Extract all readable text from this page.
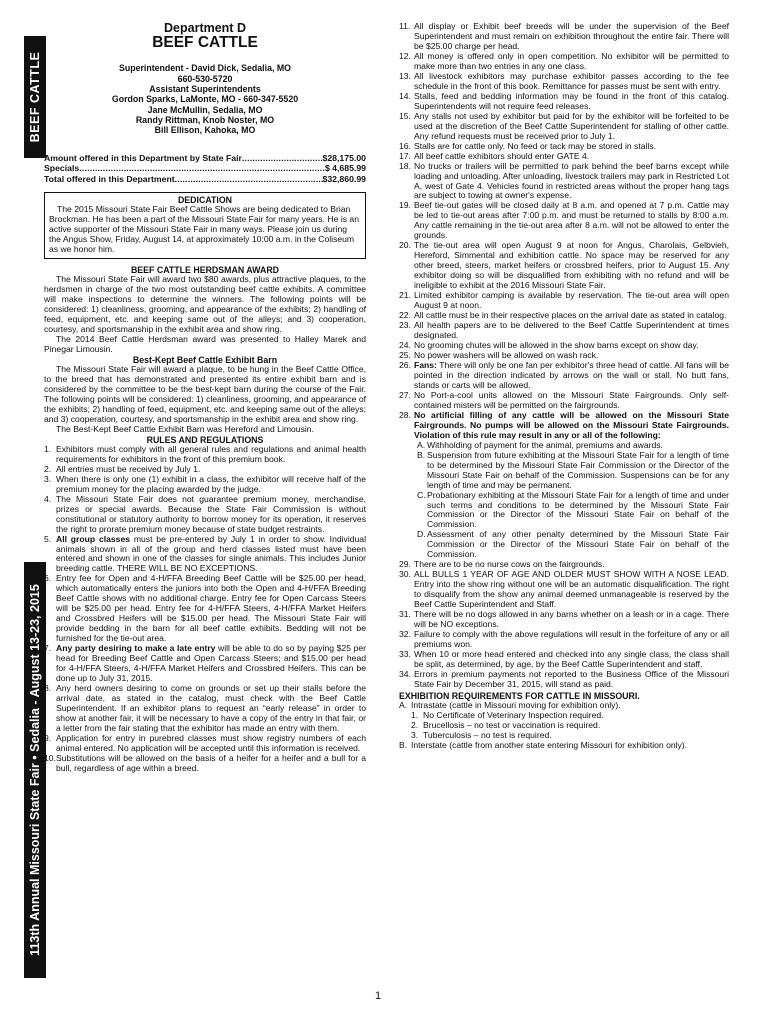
BEEF CATTLE
113th Annual Missouri State Fair • Sedalia - August 13-23, 2015
Department D
BEEF CATTLE
Superintendent - David Dick, Sedalia, MO
660-530-5720
Assistant Superintendents
Gordon Sparks, LaMonte, MO - 660-347-5520
Jane McMullin, Sedalia, MO
Randy Rittman, Knob Noster, MO
Bill Ellison, Kahoka, MO
Amount offered in this Department by State Fair .....	$28,175.00
Specials .....	$ 4,685.99
Total offered in this Department .....	$32,860.99
DEDICATION

The 2015 Missouri State Fair Beef Cattle Shows are being dedicated to Brian Brockman. He has been a part of the Missouri State Fair for many years. He is an active supporter of the Missouri State Fair in many ways. Please join us during the Angus Show, Friday, August 14, at approximately 10:00 a.m. in the Coliseum as we honor him.

BEEF CATTLE HERDSMAN AWARD

The Missouri State Fair will award two $80 awards, plus attractive plaques, to the herdsmen in charge of the two most outstanding beef cattle exhibits. A committee will make inspections to determine the winners. The following points will be considered: 1) cleanliness, grooming, and appearance of the exhibits; 2) handling of feed, equipment, etc. and keeping same out of the alleys; and 3) cooperation, courtesy, and sportsmanship in the exhibit area and show ring.

The 2014 Beef Cattle Herdsman award was presented to Halley Marek and Pinegar Limousin.

Best-Kept Beef Cattle Exhibit Barn

The Missouri State Fair will award a plaque, to be hung in the Beef Cattle Office, to the breed that has demonstrated and presented its entire exhibit barn and is considered by the committee to be the best-kept barn during the course of the Fair. The following points will be considered: 1) cleanliness, grooming, and appearance of the exhibits; 2) handling of feed, equipment, etc. and keeping same out of the alleys; and 3) cooperation, courtesy, and sportsmanship in the exhibit area and show ring.

The Best-Kept Beef Cattle Exhibit Barn was Hereford and Limousin.

RULES AND REGULATIONS
1. Exhibitors must comply with all general rules and regulations and animal health requirements for exhibitors in the front of this premium book.
2. All entries must be received by July 1.
3. When there is only one (1) exhibit in a class, the exhibitor will receive half of the premium money for the placing awarded by the judge.
4. The Missouri State Fair does not guarantee premium money, merchandise, prizes or special awards. Because the State Fair Commission is without constitutional or statutory authority to borrow money for its operation, it reserves the right to prorate premium money because of state budget restraints.
5. All group classes must be pre-entered by July 1 in order to show. Individual animals shown in all of the group and herd classes listed must have been entered and shown in one of the classes for single animals. This includes Junior breeding cattle. THERE WILL BE NO EXCEPTIONS.
6. Entry fee for Open and 4-H/FFA Breeding Beef Cattle will be $25.00 per head, which automatically enters the juniors into both the Open and 4-H/FFA Breeding Beef Cattle shows with no additional charge. Entry fee for Open Carcass Steers will be $25.00 per head. Entry fee for 4-H/FFA Steers, 4-H/FFA Market Heifers and Crossbred Heifers will be $15.00 per head. The Missouri State Fair will provide bedding in the barn for all beef cattle exhibits. Bedding will not be furnished for the tie-out area.
7. Any party desiring to make a late entry will be able to do so by paying $25 per head for Breeding Beef Cattle and Open Carcass Steers; and $15.00 per head for 4-H/FFA Steers, 4-H/FFA Market Heifers and Crossbred Heifers. This can be done up to July 31, 2015.
8. Any herd owners desiring to come on grounds or set up their stalls before the arrival date, as stated in the catalog, must check with the Beef Cattle Superintendent. If an exhibitor plans to request an “early release” in order to show at another fair, it will be necessary to have a copy of the entry in that fair, or a letter from the fair stating that the exhibitor has made an entry with them.
9. Application for entry in purebred classes must show registry numbers of each animal entered. No application will be accepted until this information is received.
10. Substitutions will be allowed on the basis of a heifer for a heifer and a bull for a bull, regardless of age within a breed.
11. All display or Exhibit beef breeds will be under the supervision of the Beef Superintendent and must remain on exhibition throughout the entire fair. There will be $25.00 charge per head.
12. All money is offered only in open competition. No exhibitor will be permitted to make more than two entries in any one class.
13. All livestock exhibitors may purchase exhibitor passes according to the fee schedule in the front of this book. Remittance for passes must be sent with entry.
14. Stalls, feed and bedding information may be found in the front of this catalog. Superintendents will not require feed releases.
15. Any stalls not used by exhibitor but paid for by the exhibitor will be forfeited to be used at the discretion of the Beef Cattle Superintendent for stalling of other cattle. Any refund requests must be received prior to July 1.
16. Stalls are for cattle only. No feed or tack may be stored in stalls.
17. All beef cattle exhibitors should enter GATE 4.
18. No trucks or trailers will be permitted to park behind the beef barns except while loading and unloading. After unloading, livestock trailers may park in Restricted Lot A, west of Gate 4. Vehicles found in restricted areas without the proper hang tags are subject to towing at owner's expense.
19. Beef tie-out gates will be closed daily at 8 a.m. and opened at 7 p.m. Cattle may be led to tie-out areas after 7:00 p.m. and must be returned to stalls by 8:00 a.m. Any cattle remaining in the tie-out area after 8 a.m. will not be allowed to enter the grounds.
20. The tie-out area will open August 9 at noon for Angus, Charolais, Gelbvieh, Hereford, Simmental and exhibition cattle. No space may be reserved for any other breed, steers, market heifers or crossbred heifers, prior to August 15. Any exhibitor doing so will be disqualified from exhibiting with no refund and will be ineligible to exhibit at the 2016 Missouri State Fair.
21. Limited exhibitor camping is available by reservation. The tie-out area will open August 9 at noon.
22. All cattle must be in their respective places on the arrival date as stated in catalog.
23. All health papers are to be delivered to the Beef Cattle Superintendent at times designated.
24. No grooming chutes will be allowed in the show barns except on show day.
25. No power washers will be allowed on wash rack.
26. Fans: There will only be one fan per exhibitor's three head of cattle. All fans will be pointed in the direction indicated by arrows on the wall or stall. No butt fans, stands or carts will be allowed.
27. No Port-a-cool units allowed on the Missouri State Fairgrounds. Only self-contained misters will be permitted on the fairgrounds.
28. No artificial filling of any cattle will be allowed on the Missouri State Fairgrounds. No pumps will be allowed on the Missouri State Fairgrounds. Violation of this rule may result in any or all of the following:
A. Withholding of payment for the animal, premiums and awards.
B. Suspension from future exhibiting at the Missouri State Fair for a length of time to be determined by the Missouri State Fair Commission or the Director of the Missouri State Fair on behalf of the Commission. Suspensions can be for any length of time and may be permanent.
C. Probationary exhibiting at the Missouri State Fair for a length of time and under such terms and conditions to be determined by the Missouri State Fair Commission or the Director of the Missouri State Fair on behalf of the Commission.
D. Assessment of any other penalty determined by the Missouri State Fair Commission or the Director of the Missouri State Fair on behalf of the Commission.
29. There are to be no nurse cows on the fairgrounds.
30. ALL BULLS 1 YEAR OF AGE AND OLDER MUST SHOW WITH A NOSE LEAD. Entry into the show ring without one will be an automatic disqualification. The right to disqualify from the show any animal deemed unmanageable is reserved by the Beef Cattle Superintendent and Staff.
31. There will be no dogs allowed in any barns whether on a leash or in a cage. There will be NO exceptions.
32. Failure to comply with the above regulations will result in the forfeiture of any or all premiums won.
33. When 10 or more head entered and checked into any single class, the class shall be split, as determined, by age, by the Beef Cattle Superintendent and staff.
34. Errors in premium payments not reported to the Business Office of the Missouri State Fair by December 31, 2015, will stand as paid.
EXHIBITION REQUIREMENTS FOR CATTLE IN MISSOURI.
A. Intrastate (cattle in Missouri moving for exhibition only).
1. No Certificate of Veterinary Inspection required.
2. Brucellosis – no test or vaccination is required.
3. Tuberculosis – no test is required.
B. Interstate (cattle from another state entering Missouri for exhibition only).
1
